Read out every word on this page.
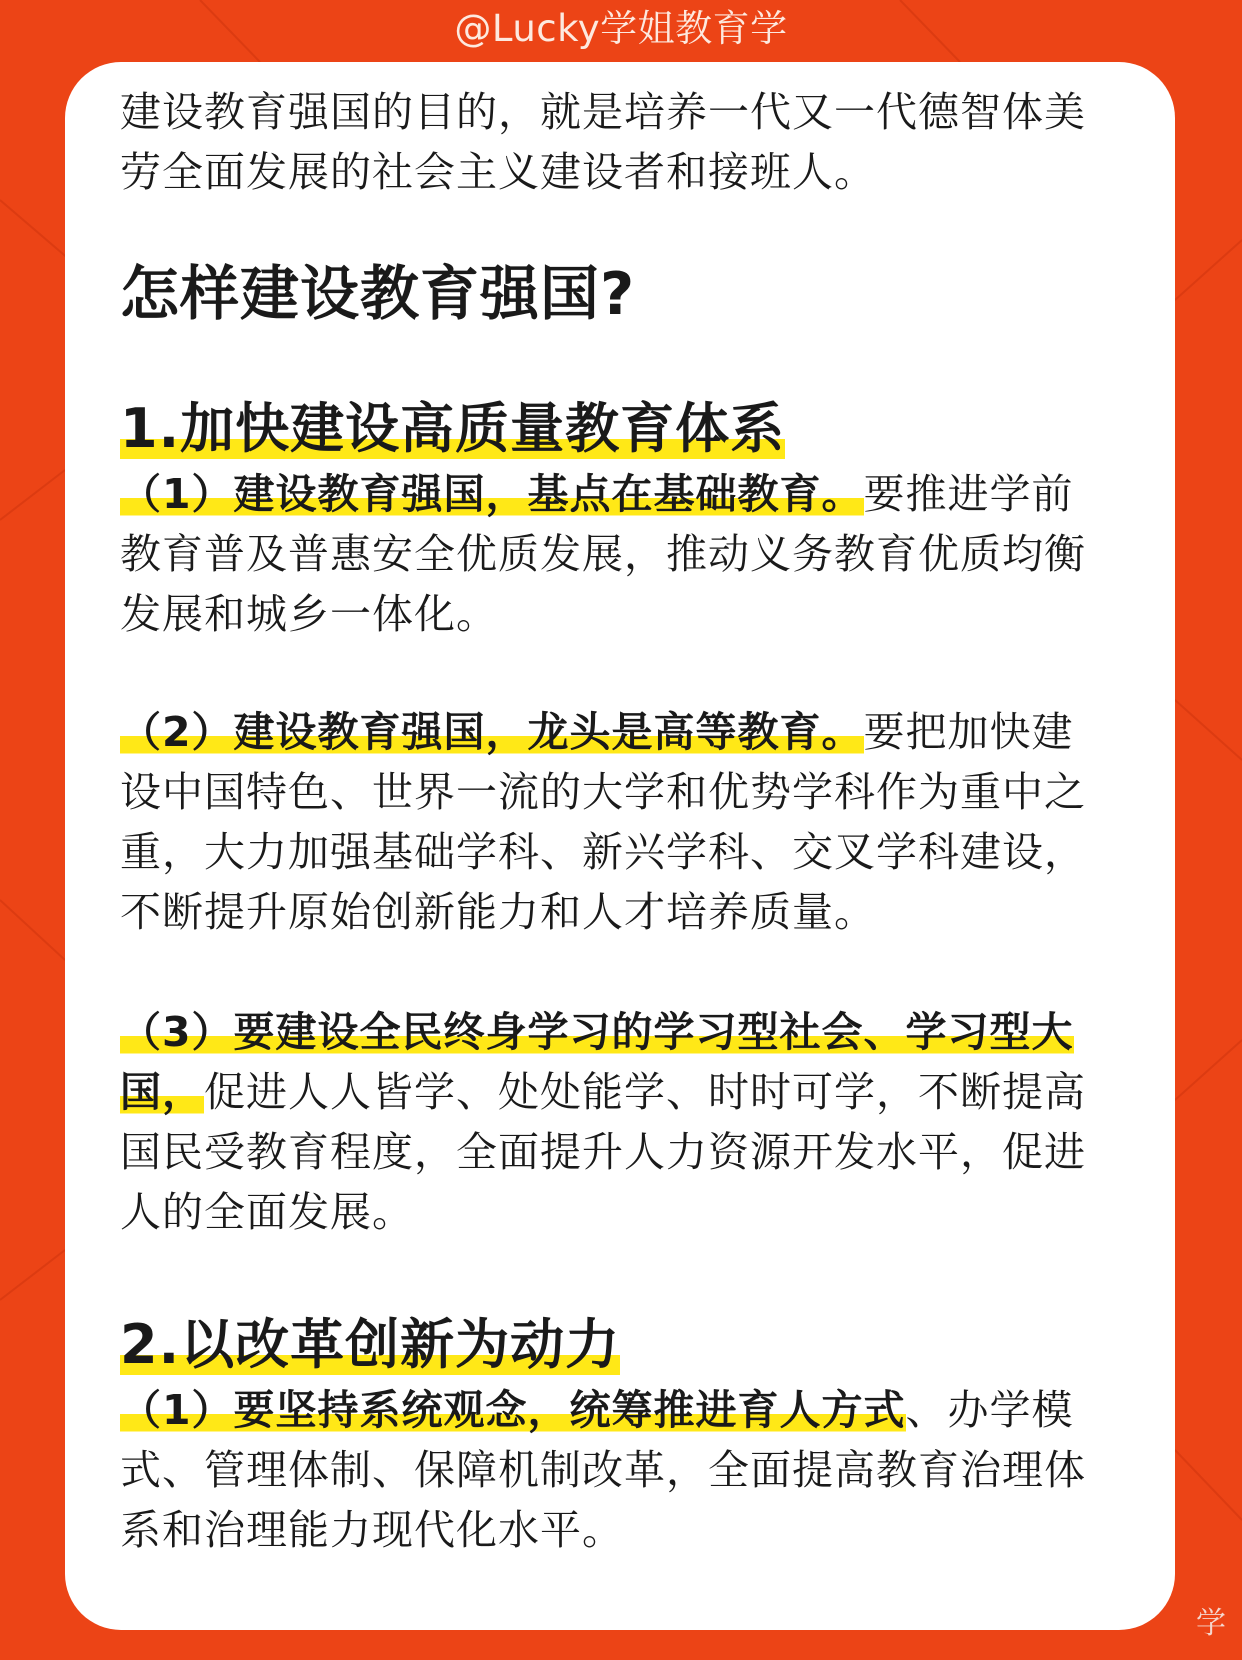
@Lucky学姐教育学

建设教育强国的目的，就是培养一代又一代德智体美劳全面发展的社会主义建设者和接班人。

怎样建设教育强国?
1.加快建设高质量教育体系

（1）建设教育强国，基点在基础教育。要推进学前教育普及普惠安全优质发展，推动义务教育优质均衡发展和城乡一体化。

（2）建设教育强国，龙头是高等教育。要把加快建设中国特色、世界一流的大学和优势学科作为重中之重，大力加强基础学科、新兴学科、交叉学科建设，不断提升原始创新能力和人才培养质量。

（3）要建设全民终身学习的学习型社会、学习型大国，促进人人皆学、处处能学、时时可学，不断提高国民受教育程度，全面提升人力资源开发水平，促进人的全面发展。

2.以改革创新为动力

（1）要坚持系统观念，统筹推进育人方式、办学模式、管理体制、保障机制改革，全面提高教育治理体系和治理能力现代化水平。

学
